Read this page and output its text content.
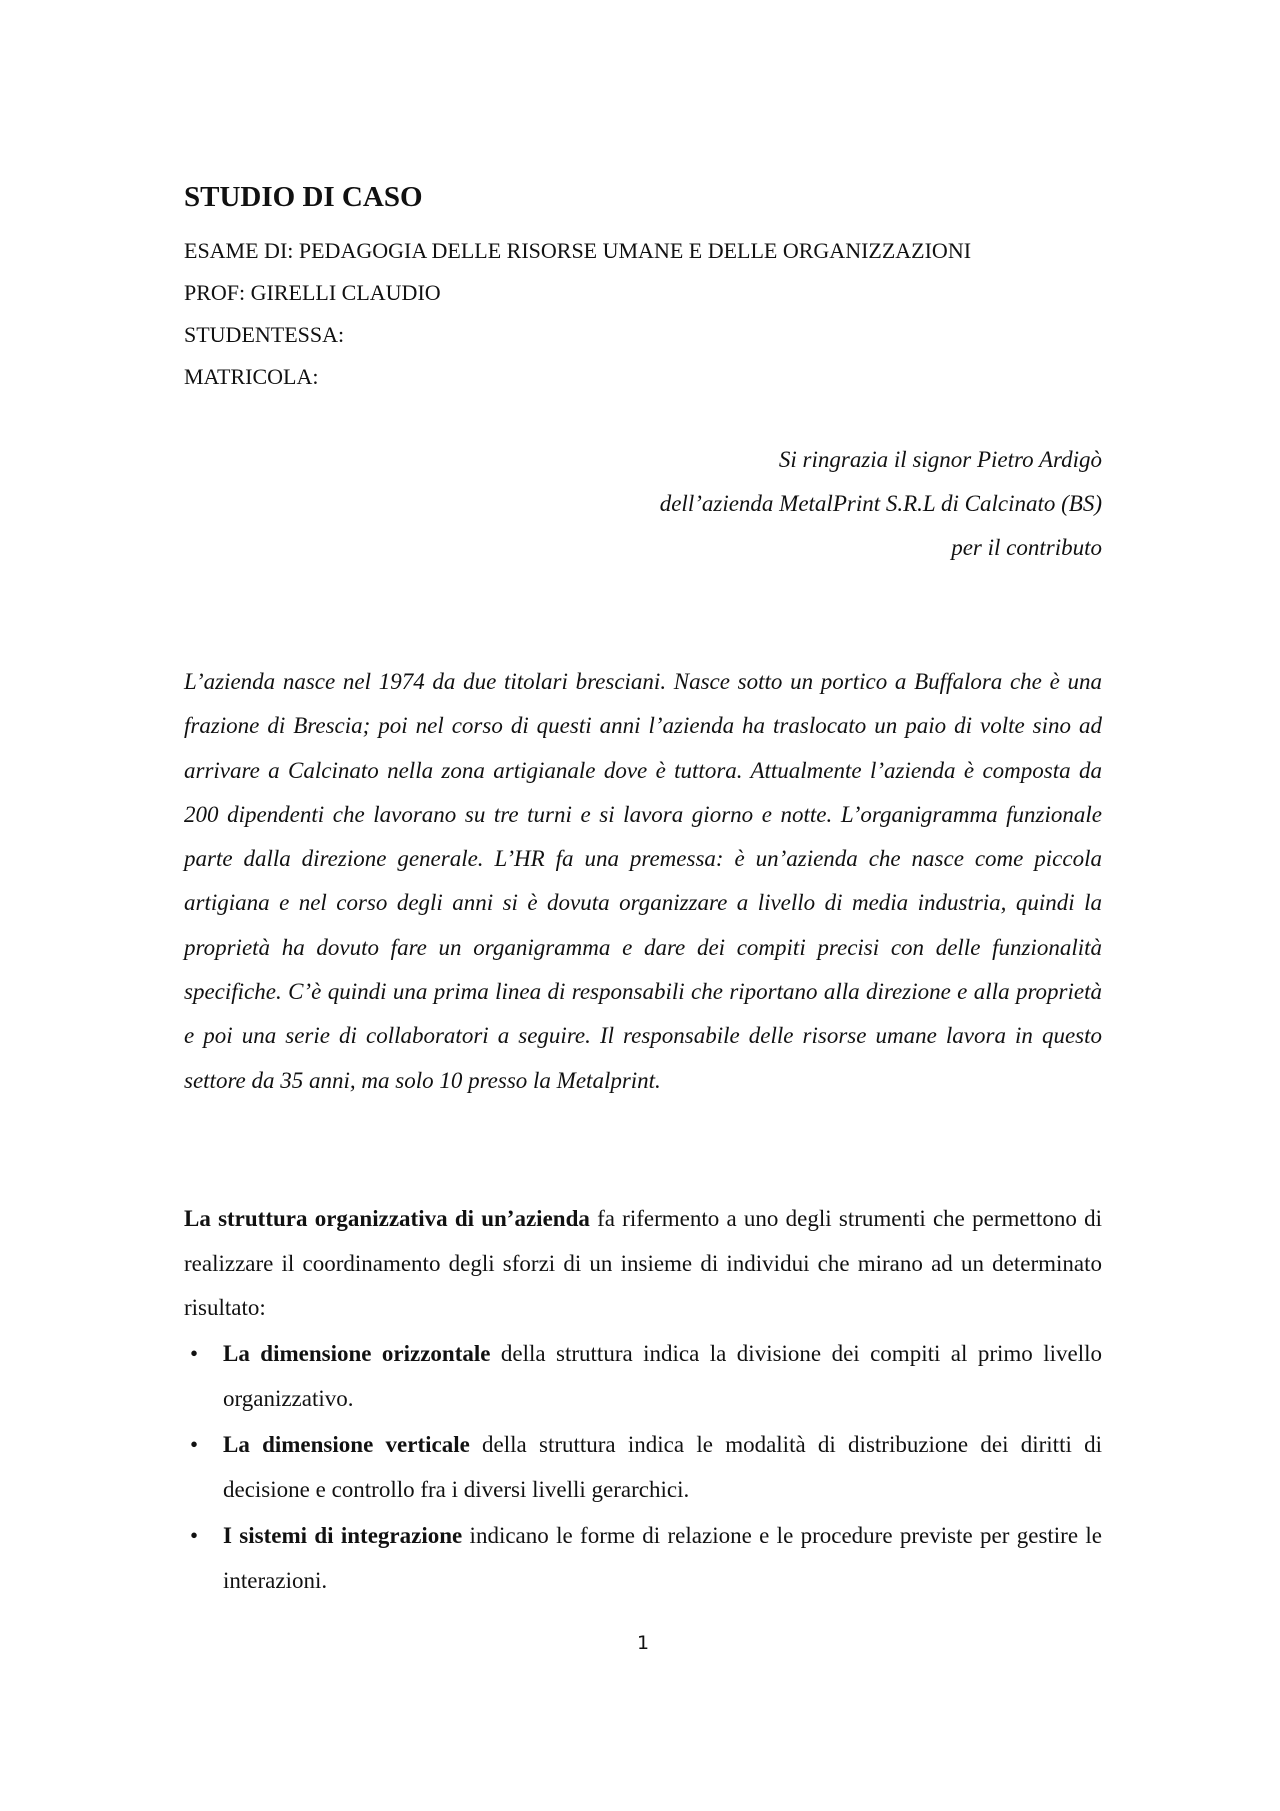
STUDIO DI CASO
ESAME DI: PEDAGOGIA DELLE RISORSE UMANE E DELLE ORGANIZZAZIONI
PROF: GIRELLI CLAUDIO
STUDENTESSA:
MATRICOLA:
Si ringrazia il signor Pietro Ardigò
dell’azienda MetalPrint S.R.L di Calcinato (BS)
per il contributo

L’azienda nasce nel 1974 da due titolari bresciani. Nasce sotto un portico a Buffalora che è una frazione di Brescia; poi nel corso di questi anni l’azienda ha traslocato un paio di volte sino ad arrivare a Calcinato nella zona artigianale dove è tuttora. Attualmente l’azienda è composta da 200 dipendenti che lavorano su tre turni e si lavora giorno e notte. L’organigramma funzionale parte dalla direzione generale. L’HR fa una premessa: è un’azienda che nasce come piccola artigiana e nel corso degli anni si è dovuta organizzare a livello di media industria, quindi la proprietà ha dovuto fare un organigramma e dare dei compiti precisi con delle funzionalità specifiche. C’è quindi una prima linea di responsabili che riportano alla direzione e alla proprietà e poi una serie di collaboratori a seguire. Il responsabile delle risorse umane lavora in questo settore da 35 anni, ma solo 10 presso la Metalprint.

La struttura organizzativa di un’azienda fa rifermento a uno degli strumenti che permettono di realizzare il coordinamento degli sforzi di un insieme di individui che mirano ad un determinato risultato:

• La dimensione orizzontale della struttura indica la divisione dei compiti al primo livello organizzativo.
• La dimensione verticale della struttura indica le modalità di distribuzione dei diritti di decisione e controllo fra i diversi livelli gerarchici.
• I sistemi di integrazione indicano le forme di relazione e le procedure previste per gestire le interazioni.
1
